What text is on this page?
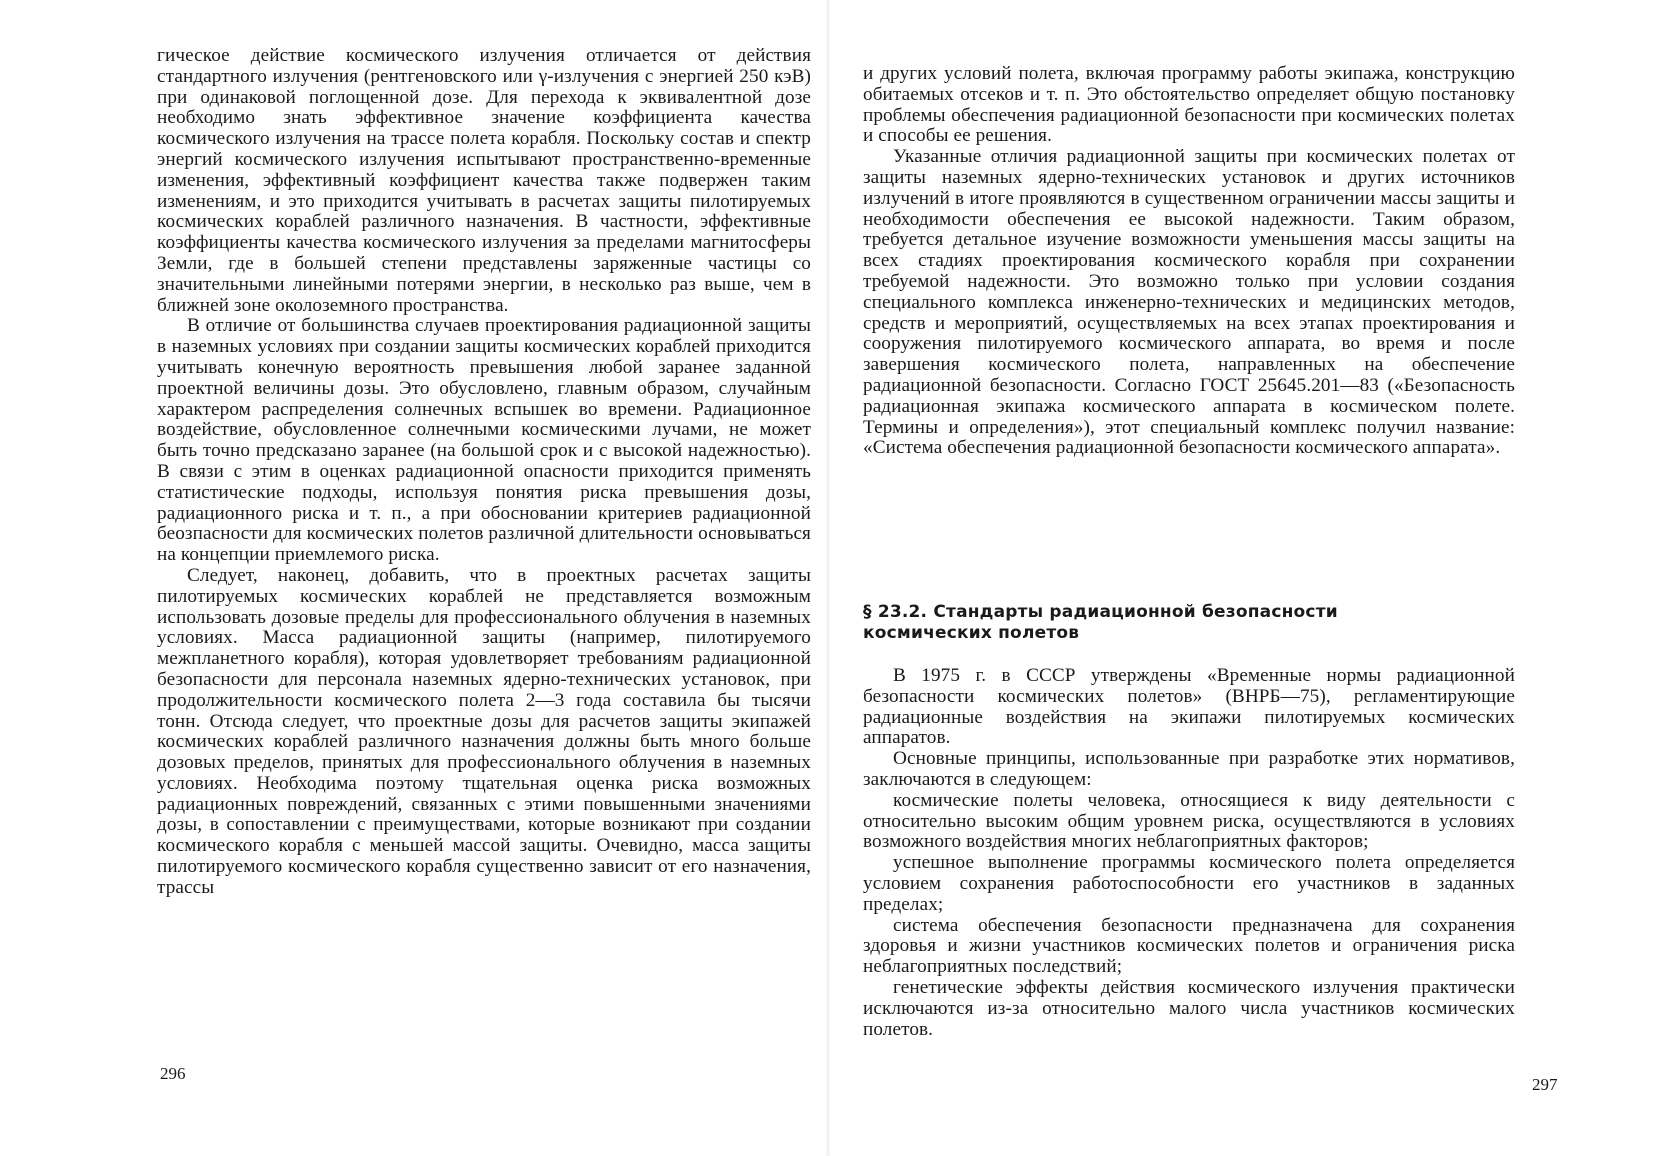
гическое действие космического излучения отличается от действия стандартного излучения (рентгеновского или γ-излучения с энергией 250 кэВ) при одинаковой поглощенной дозе. Для перехода к эквивалентной дозе необходимо знать эффективное значение коэффициента качества космического излучения на трассе полета корабля. Поскольку состав и спектр энергий космического излучения испытывают пространственно-временные изменения, эффективный коэффициент качества также подвержен таким изменениям, и это приходится учитывать в расчетах защиты пилотируемых космических кораблей различного назначения. В частности, эффективные коэффициенты качества космического излучения за пределами магнитосферы Земли, где в большей степени представлены заряженные частицы со значительными линейными потерями энергии, в несколько раз выше, чем в ближней зоне околоземного пространства.

В отличие от большинства случаев проектирования радиационной защиты в наземных условиях при создании защиты космических кораблей приходится учитывать конечную вероятность превышения любой заранее заданной проектной величины дозы. Это обусловлено, главным образом, случайным характером распределения солнечных вспышек во времени. Радиационное воздействие, обусловленное солнечными космическими лучами, не может быть точно предсказано заранее (на большой срок и с высокой надежностью). В связи с этим в оценках радиационной опасности приходится применять статистические подходы, используя понятия риска превышения дозы, радиационного риска и т. п., а при обосновании критериев радиационной беозпасности для космических полетов различной длительности основываться на концепции приемлемого риска.

Следует, наконец, добавить, что в проектных расчетах защиты пилотируемых космических кораблей не представляется возможным использовать дозовые пределы для профессионального облучения в наземных условиях. Масса радиационной защиты (например, пилотируемого межпланетного корабля), которая удовлетворяет требованиям радиационной безопасности для персонала наземных ядерно-технических установок, при продолжительности космического полета 2—3 года составила бы тысячи тонн. Отсюда следует, что проектные дозы для расчетов защиты экипажей космических кораблей различного назначения должны быть много больше дозовых пределов, принятых для профессионального облучения в наземных условиях. Необходима поэтому тщательная оценка риска возможных радиационных повреждений, связанных с этими повышенными значениями дозы, в сопоставлении с преимуществами, которые возникают при создании космического корабля с меньшей массой защиты. Очевидно, масса защиты пилотируемого космического корабля существенно зависит от его назначения, трассы

296

и других условий полета, включая программу работы экипажа, конструкцию обитаемых отсеков и т. п. Это обстоятельство определяет общую постановку проблемы обеспечения радиационной безопасности при космических полетах и способы ее решения.

Указанные отличия радиационной защиты при космических полетах от защиты наземных ядерно-технических установок и других источников излучений в итоге проявляются в существенном ограничении массы защиты и необходимости обеспечения ее высокой надежности. Таким образом, требуется детальное изучение возможности уменьшения массы защиты на всех стадиях проектирования космического корабля при сохранении требуемой надежности. Это возможно только при условии создания специального комплекса инженерно-технических и медицинских методов, средств и мероприятий, осуществляемых на всех этапах проектирования и сооружения пилотируемого космического аппарата, во время и после завершения космического полета, направленных на обеспечение радиационной безопасности. Согласно ГОСТ 25645.201—83 («Безопасность радиационная экипажа космического аппарата в космическом полете. Термины и определения»), этот специальный комплекс получил название: «Система обеспечения радиационной безопасности космического аппарата».

§ 23.2. Стандарты радиационной безопасности космических полетов

В 1975 г. в СССР утверждены «Временные нормы радиационной безопасности космических полетов» (ВНРБ—75), регламентирующие радиационные воздействия на экипажи пилотируемых космических аппаратов.

Основные принципы, использованные при разработке этих нормативов, заключаются в следующем:

космические полеты человека, относящиеся к виду деятельности с относительно высоким общим уровнем риска, осуществляются в условиях возможного воздействия многих неблагоприятных факторов;

успешное выполнение программы космического полета определяется условием сохранения работоспособности его участников в заданных пределах;

система обеспечения безопасности предназначена для сохранения здоровья и жизни участников космических полетов и ограничения риска неблагоприятных последствий;

генетические эффекты действия космического излучения практически исключаются из-за относительно малого числа участников космических полетов.

297
